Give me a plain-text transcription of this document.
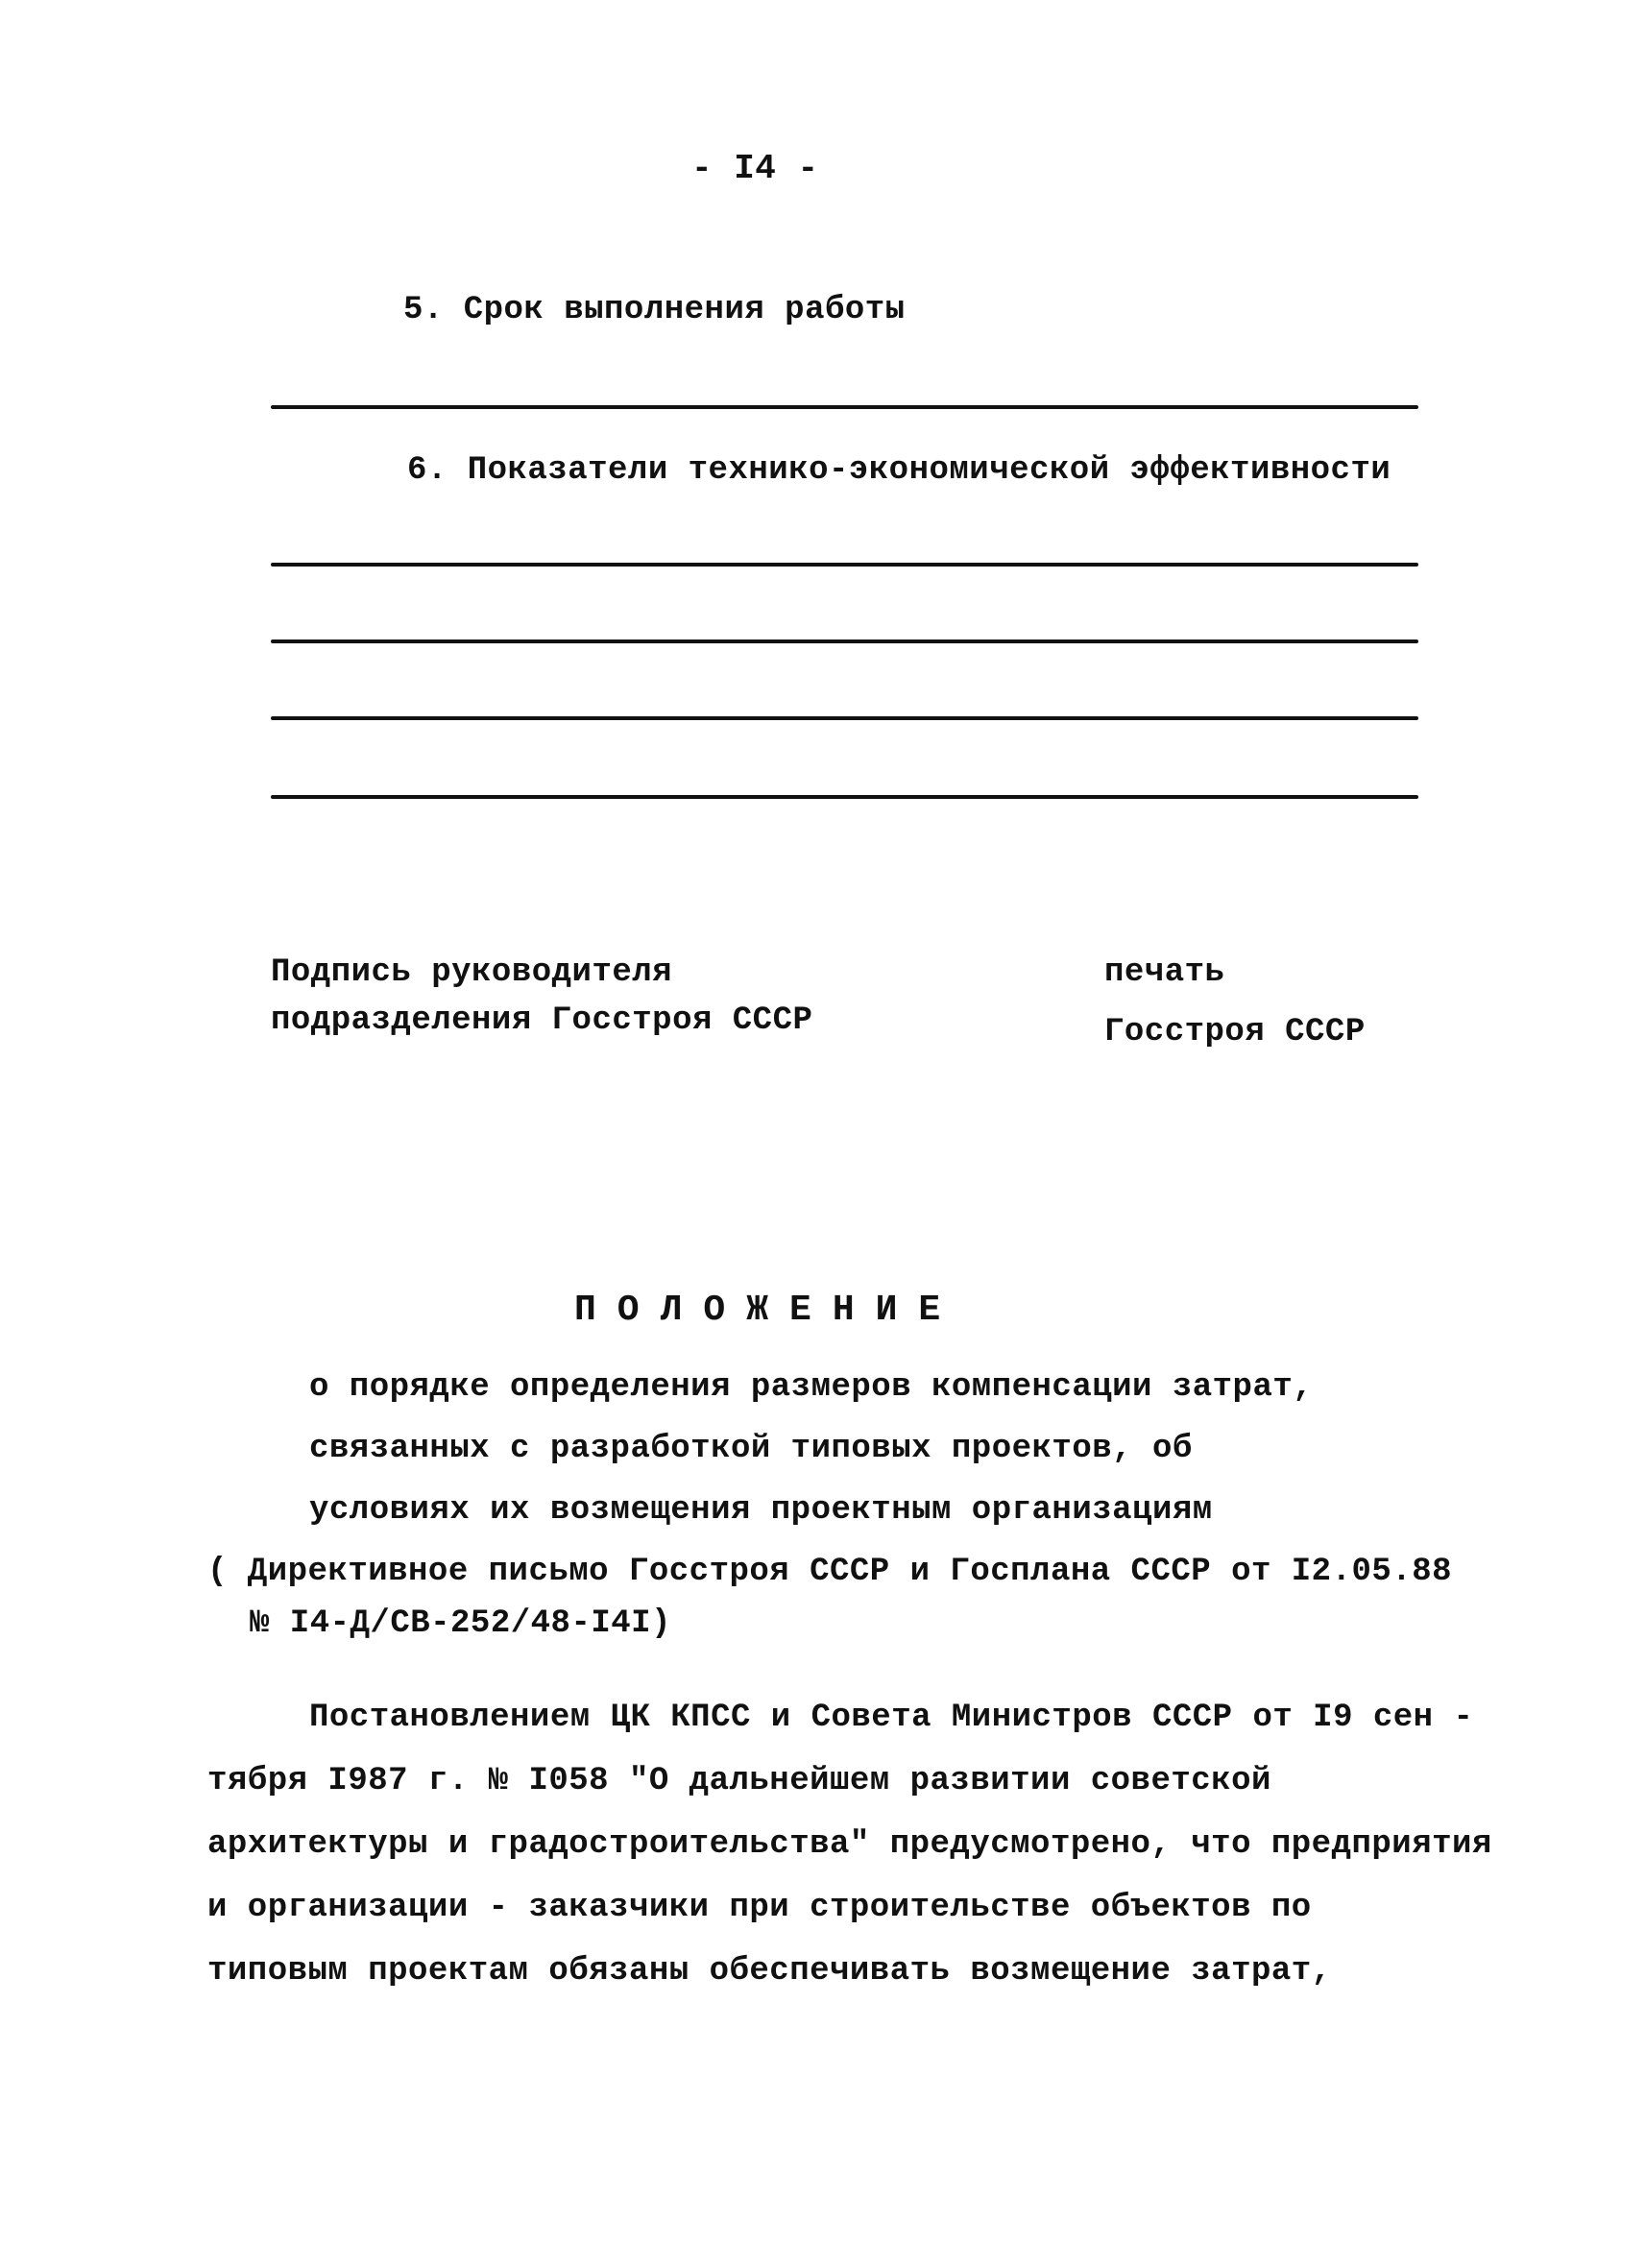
- I4 -
5. Срок выполнения работы
6. Показатели технико-экономической эффективности
Подпись руководителя
подразделения Госстроя СССР
печать
Госстроя СССР
ПОЛОЖЕНИЕ
о порядке определения размеров компенсации затрат,
связанных с разработкой типовых проектов, об
условиях их возмещения проектным организациям
( Директивное письмо Госстроя СССР и Госплана СССР от I2.05.88
№ I4-Д/СВ-252/48-I4I)
Постановлением ЦК КПСС и Совета Министров СССР от I9 сен -
тября I987 г. № I058 "О дальнейшем развитии советской
архитектуры и градостроительства" предусмотрено, что предприятия
и организации - заказчики при строительстве объектов по
типовым проектам обязаны обеспечивать возмещение затрат,
